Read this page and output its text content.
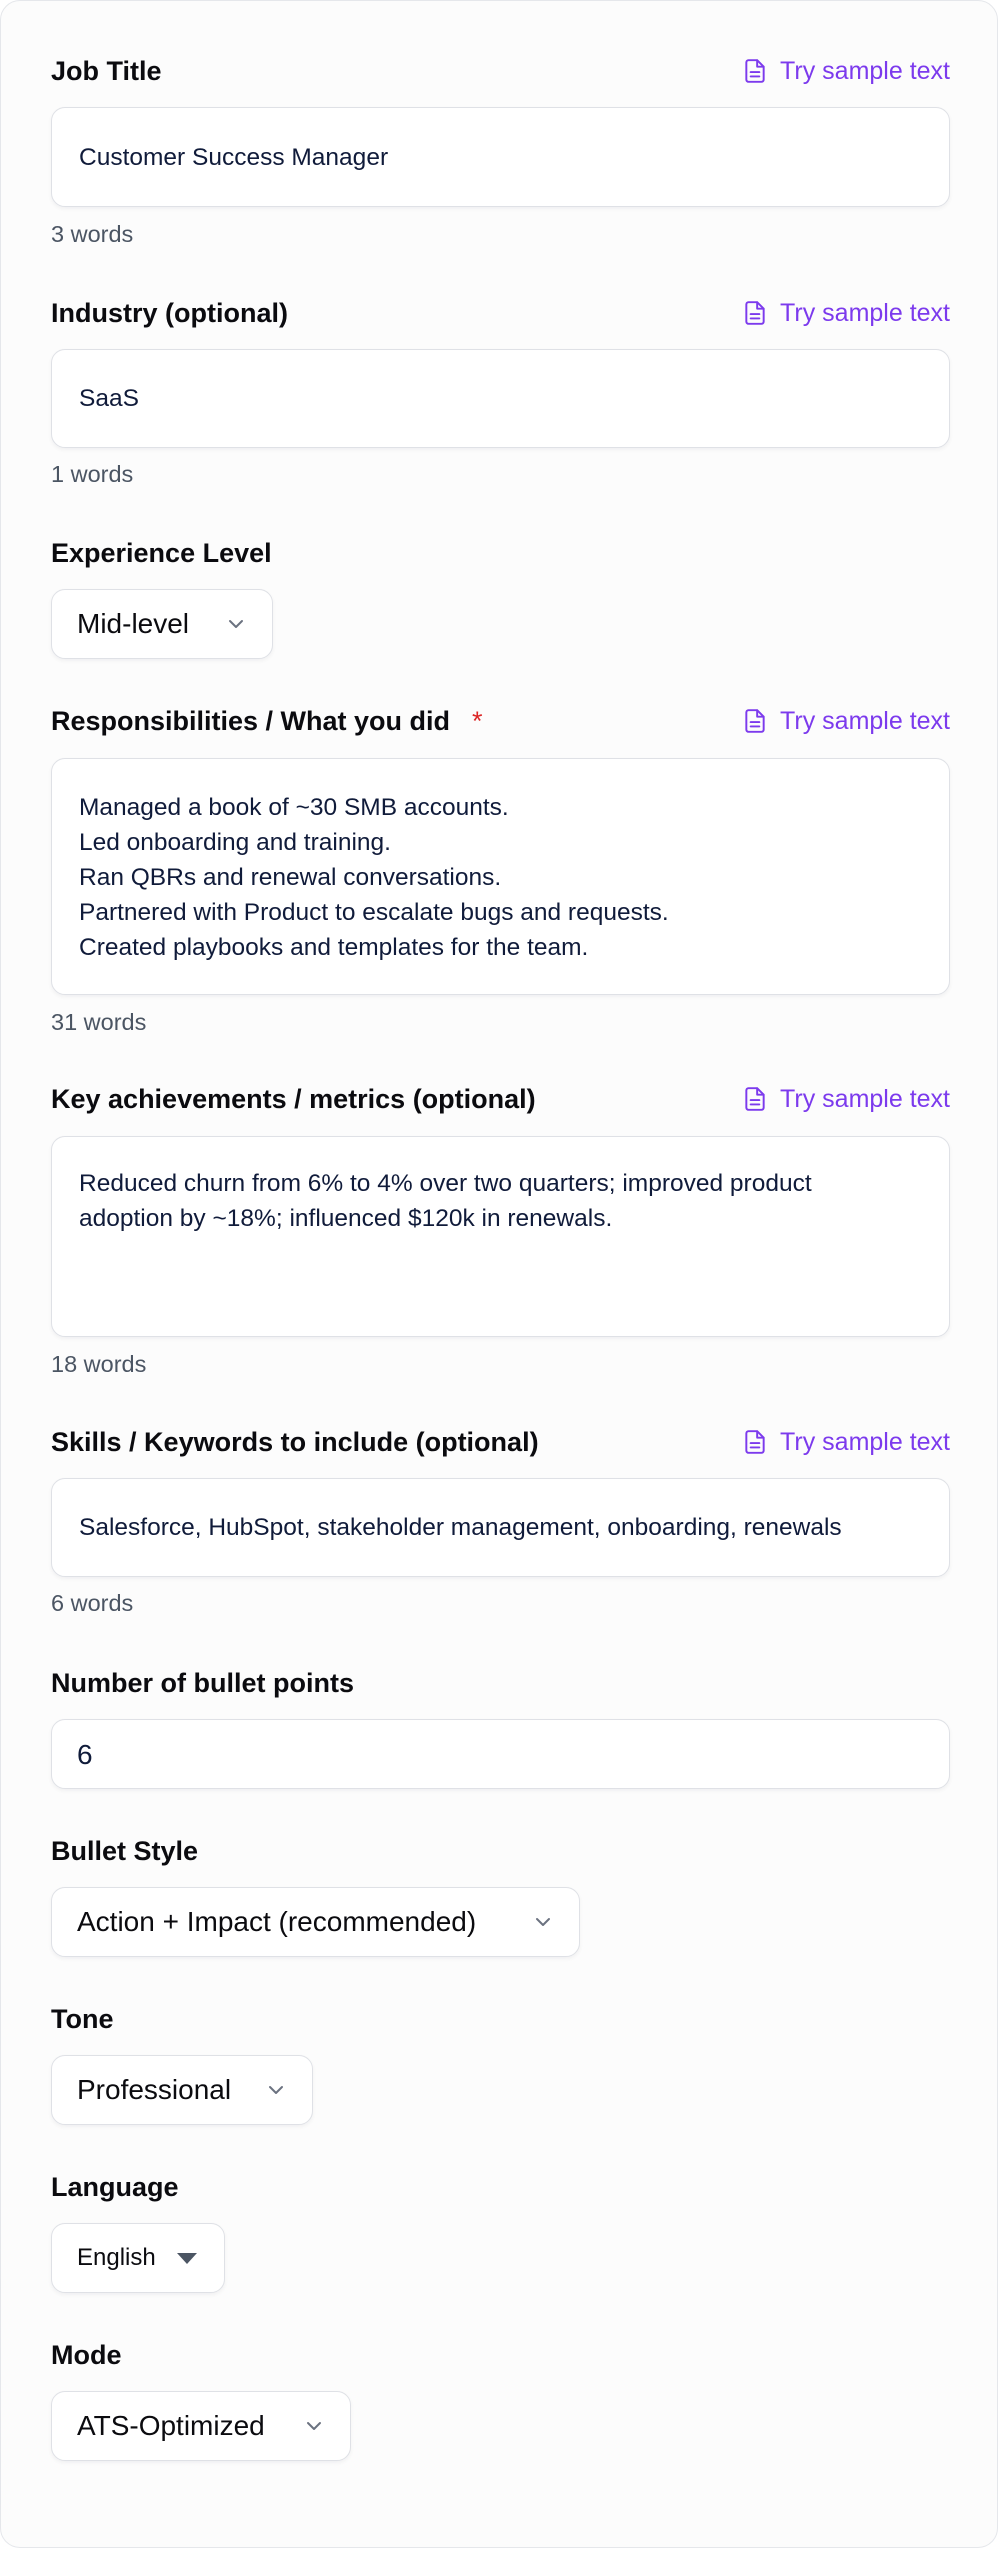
Job Title	Try sample text
Customer Success Manager
3 words
Industry (optional)	Try sample text
SaaS
1 words
Experience Level
Mid-level
Responsibilities / What you did *	Try sample text
Managed a book of ~30 SMB accounts.
Led onboarding and training.
Ran QBRs and renewal conversations.
Partnered with Product to escalate bugs and requests.
Created playbooks and templates for the team.
31 words
Key achievements / metrics (optional)	Try sample text
Reduced churn from 6% to 4% over two quarters; improved product
adoption by ~18%; influenced $120k in renewals.
18 words
Skills / Keywords to include (optional)	Try sample text
Salesforce, HubSpot, stakeholder management, onboarding, renewals
6 words
Number of bullet points
6
Bullet Style
Action + Impact (recommended)
Tone
Professional
Language
English
Mode
ATS-Optimized
